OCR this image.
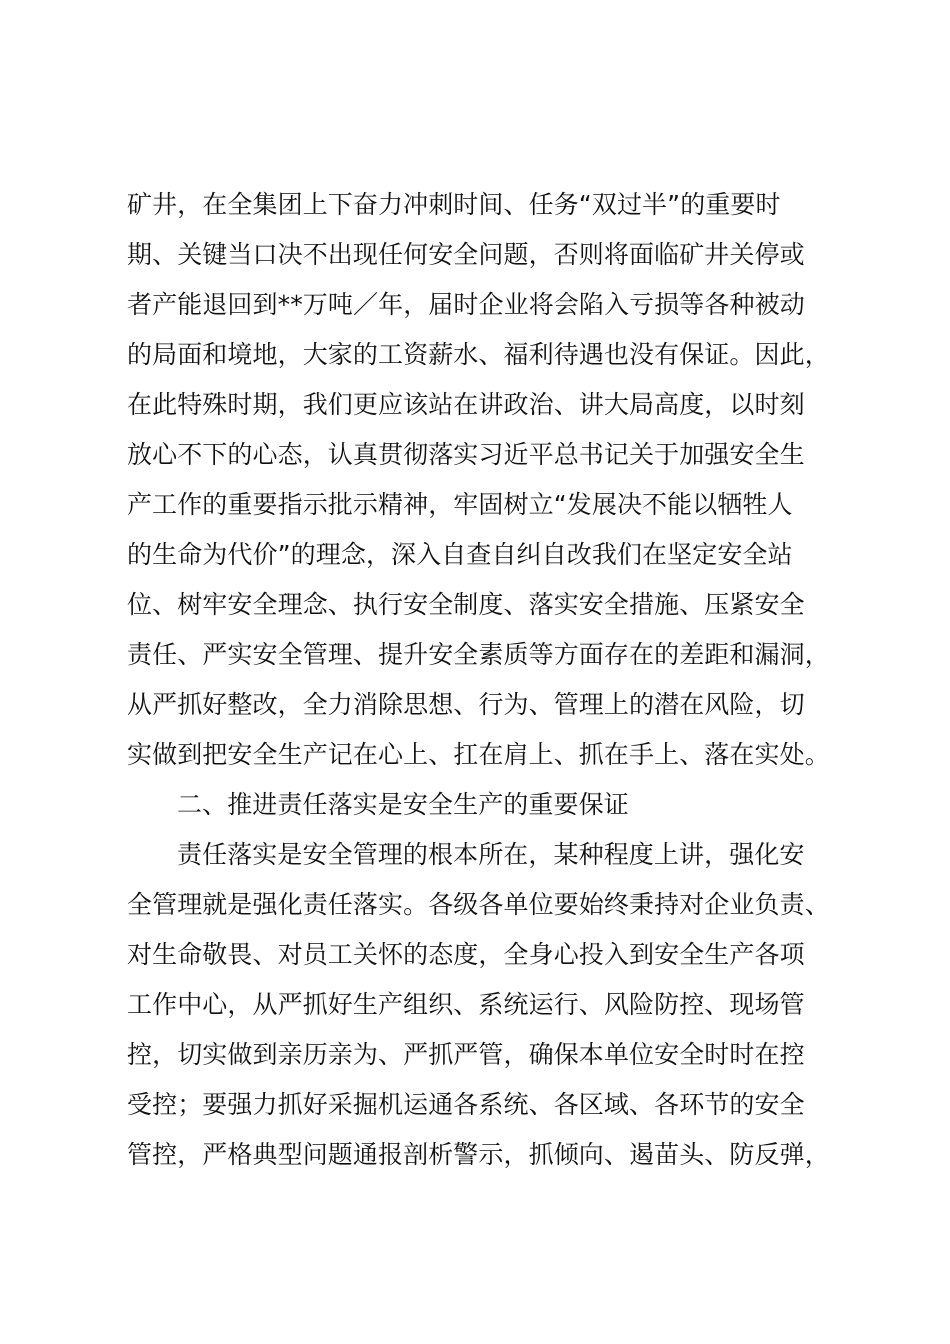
矿井，在全集团上下奋力冲刺时间、任务“双过半”的重要时
期、关键当口决不出现任何安全问题，否则将面临矿井关停或
者产能退回到**万吨／年，届时企业将会陷入亏损等各种被动
的局面和境地，大家的工资薪水、福利待遇也没有保证。因此，
在此特殊时期，我们更应该站在讲政治、讲大局高度，以时刻
放心不下的心态，认真贯彻落实习近平总书记关于加强安全生
产工作的重要指示批示精神，牢固树立“发展决不能以牺牲人
的生命为代价”的理念，深入自查自纠自改我们在坚定安全站
位、树牢安全理念、执行安全制度、落实安全措施、压紧安全
责任、严实安全管理、提升安全素质等方面存在的差距和漏洞，
从严抓好整改，全力消除思想、行为、管理上的潜在风险，切
实做到把安全生产记在心上、扛在肩上、抓在手上、落在实处。
二、推进责任落实是安全生产的重要保证
责任落实是安全管理的根本所在，某种程度上讲，强化安
全管理就是强化责任落实。各级各单位要始终秉持对企业负责、
对生命敬畏、对员工关怀的态度，全身心投入到安全生产各项
工作中心，从严抓好生产组织、系统运行、风险防控、现场管
控，切实做到亲历亲为、严抓严管，确保本单位安全时时在控
受控；要强力抓好采掘机运通各系统、各区域、各环节的安全
管控，严格典型问题通报剖析警示，抓倾向、遏苗头、防反弹，
